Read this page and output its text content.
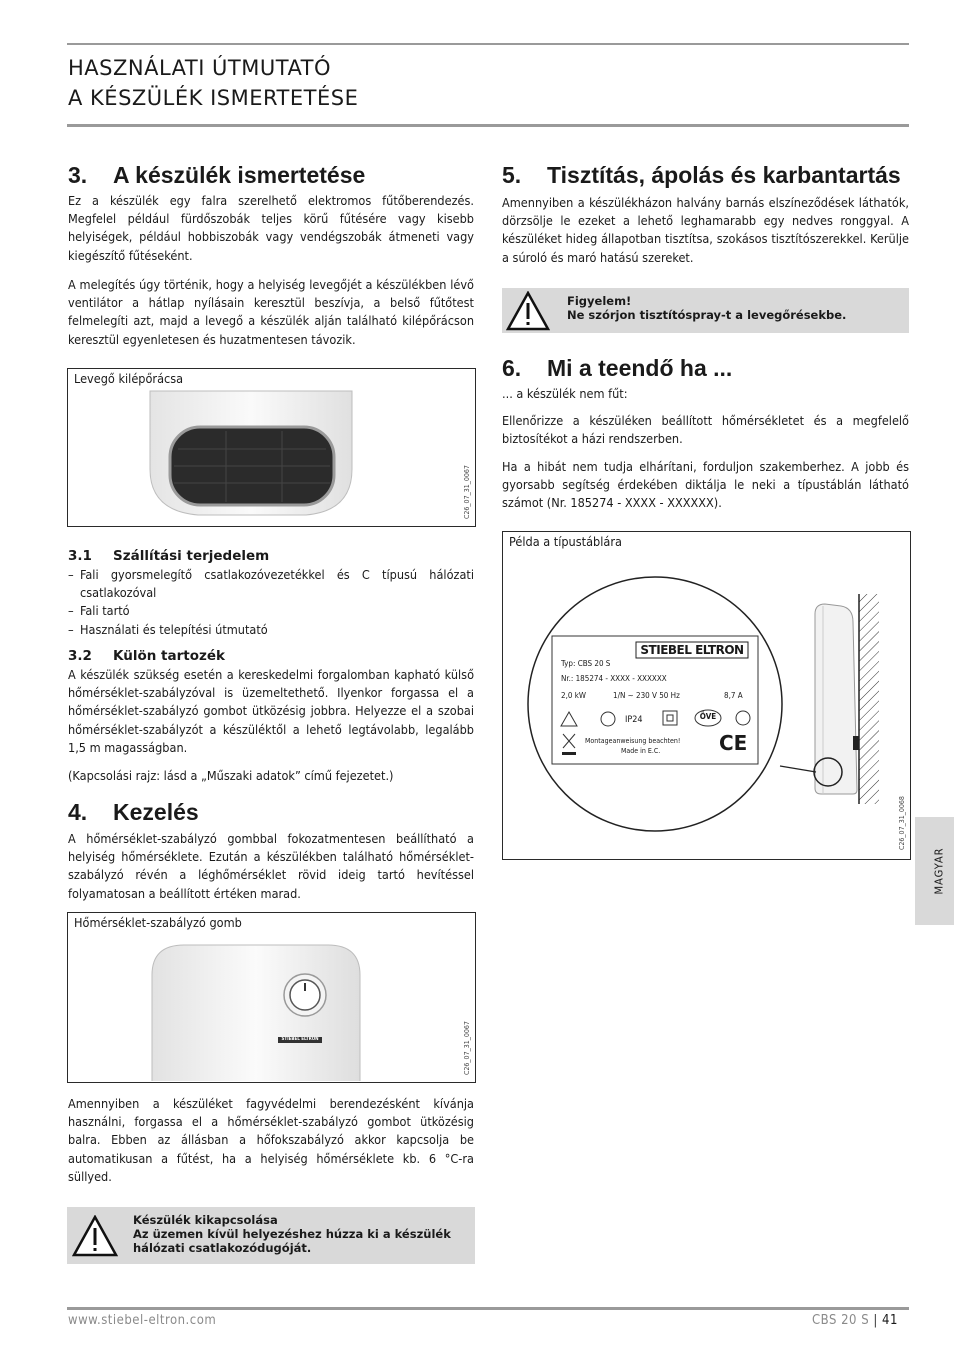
HASZNÁLATI ÚTMUTATÓ
A KÉSZÜLÉK ISMERTETÉSE
3. A készülék ismertetése

Ez a készülék egy falra szerelhető elektromos fűtőberendezés. Megfelel például fürdőszobák teljes körű fűtésére vagy kisebb helyiségek, például hobbiszobák vagy vendégszobák átmeneti vagy kiegészítő fűtéseként.

A melegítés úgy történik, hogy a helyiség levegőjét a készülékben lévő ventilátor a hátlap nyílásain keresztül beszívja, a belső fűtőtest felmelegíti azt, majd a levegő a készülék alján található kilépőrácson keresztül egyenletesen és huzatmentesen távozik.

Levegő kilépőrácsa
C26_07_31_0067
3.1 Szállítási terjedelem
– Fali gyorsmelegítő csatlakozóvezetékkel és C típusú hálózati csatlakozóval
– Fali tartó
– Használati és telepítési útmutató
3.2 Külön tartozék

A készülék szükség esetén a kereskedelmi forgalomban kapható külső hőmérséklet-szabályzóval is üzemeltethető. Ilyenkor forgassa el a hőmérséklet-szabályzó gombot ütközésig jobbra. Helyezze el a szobai hőmérséklet-szabályzót a készüléktől a lehető legtávolabb, legalább 1,5 m magasságban.

(Kapcsolási rajz: lásd a „Műszaki adatok” című fejezetet.)

4. Kezelés

A hőmérséklet-szabályzó gombbal fokozatmentesen beállítható a helyiség hőmérséklete. Ezután a készülékben található hőmérséklet-szabályzó révén a léghőmérséklet rövid ideig tartó hevítéssel folyamatosan a beállított értéken marad.

Hőmérséklet-szabályzó gomb
STIEBEL ELTRON	C26_07_31_0067

Amennyiben a készüléket fagyvédelmi berendezésként kívánja használni, forgassa el a hőmérséklet-szabályzó gombot ütközésig balra. Ebben az állásban a hőfokszabályzó akkor kapcsolja be automatikusan a fűtést, ha a helyiség hőmérséklete kb. 6 °C-ra süllyed.

Készülék kikapcsolása
Az üzemen kívül helyezéshez húzza ki a készülék hálózati csatlakozódugóját.
5. Tisztítás, ápolás és karbantartás

Amennyiben a készülékházon halvány barnás elszíneződések láthatók, dörzsölje le ezeket a lehető leghamarabb egy nedves ronggyal. A készüléket hideg állapotban tisztítsa, szokásos tisztítószerekkel. Kerülje a súroló és maró hatású szereket.

Figyelem!
Ne szórjon tisztítóspray-t a levegőrésekbe.
6. Mi a teendő ha ...

... a készülék nem fűt:

Ellenőrizze a készüléken beállított hőmérsékletet és a megfelelő biztosítékot a házi rendszerben.

Ha a hibát nem tudja elhárítani, forduljon szakemberhez. A jobb és gyorsabb segítség érdekében diktálja le neki a típustáblán látható számot (Nr. 185274 - XXXX - XXXXXX).

Példa a típustáblára
STIEBEL ELTRON
Typ: CBS 20 S
Nr.: 185274 - XXXX - XXXXXX
2,0 kW	1/N ~ 230 V 50 Hz	8,7 A
IP24	ÖVE
Montageanweisung beachten!
Made in E.C.	CE
C26_07_31_0068
MAGYAR
www.stiebel-eltron.com	CBS 20 S | 41
